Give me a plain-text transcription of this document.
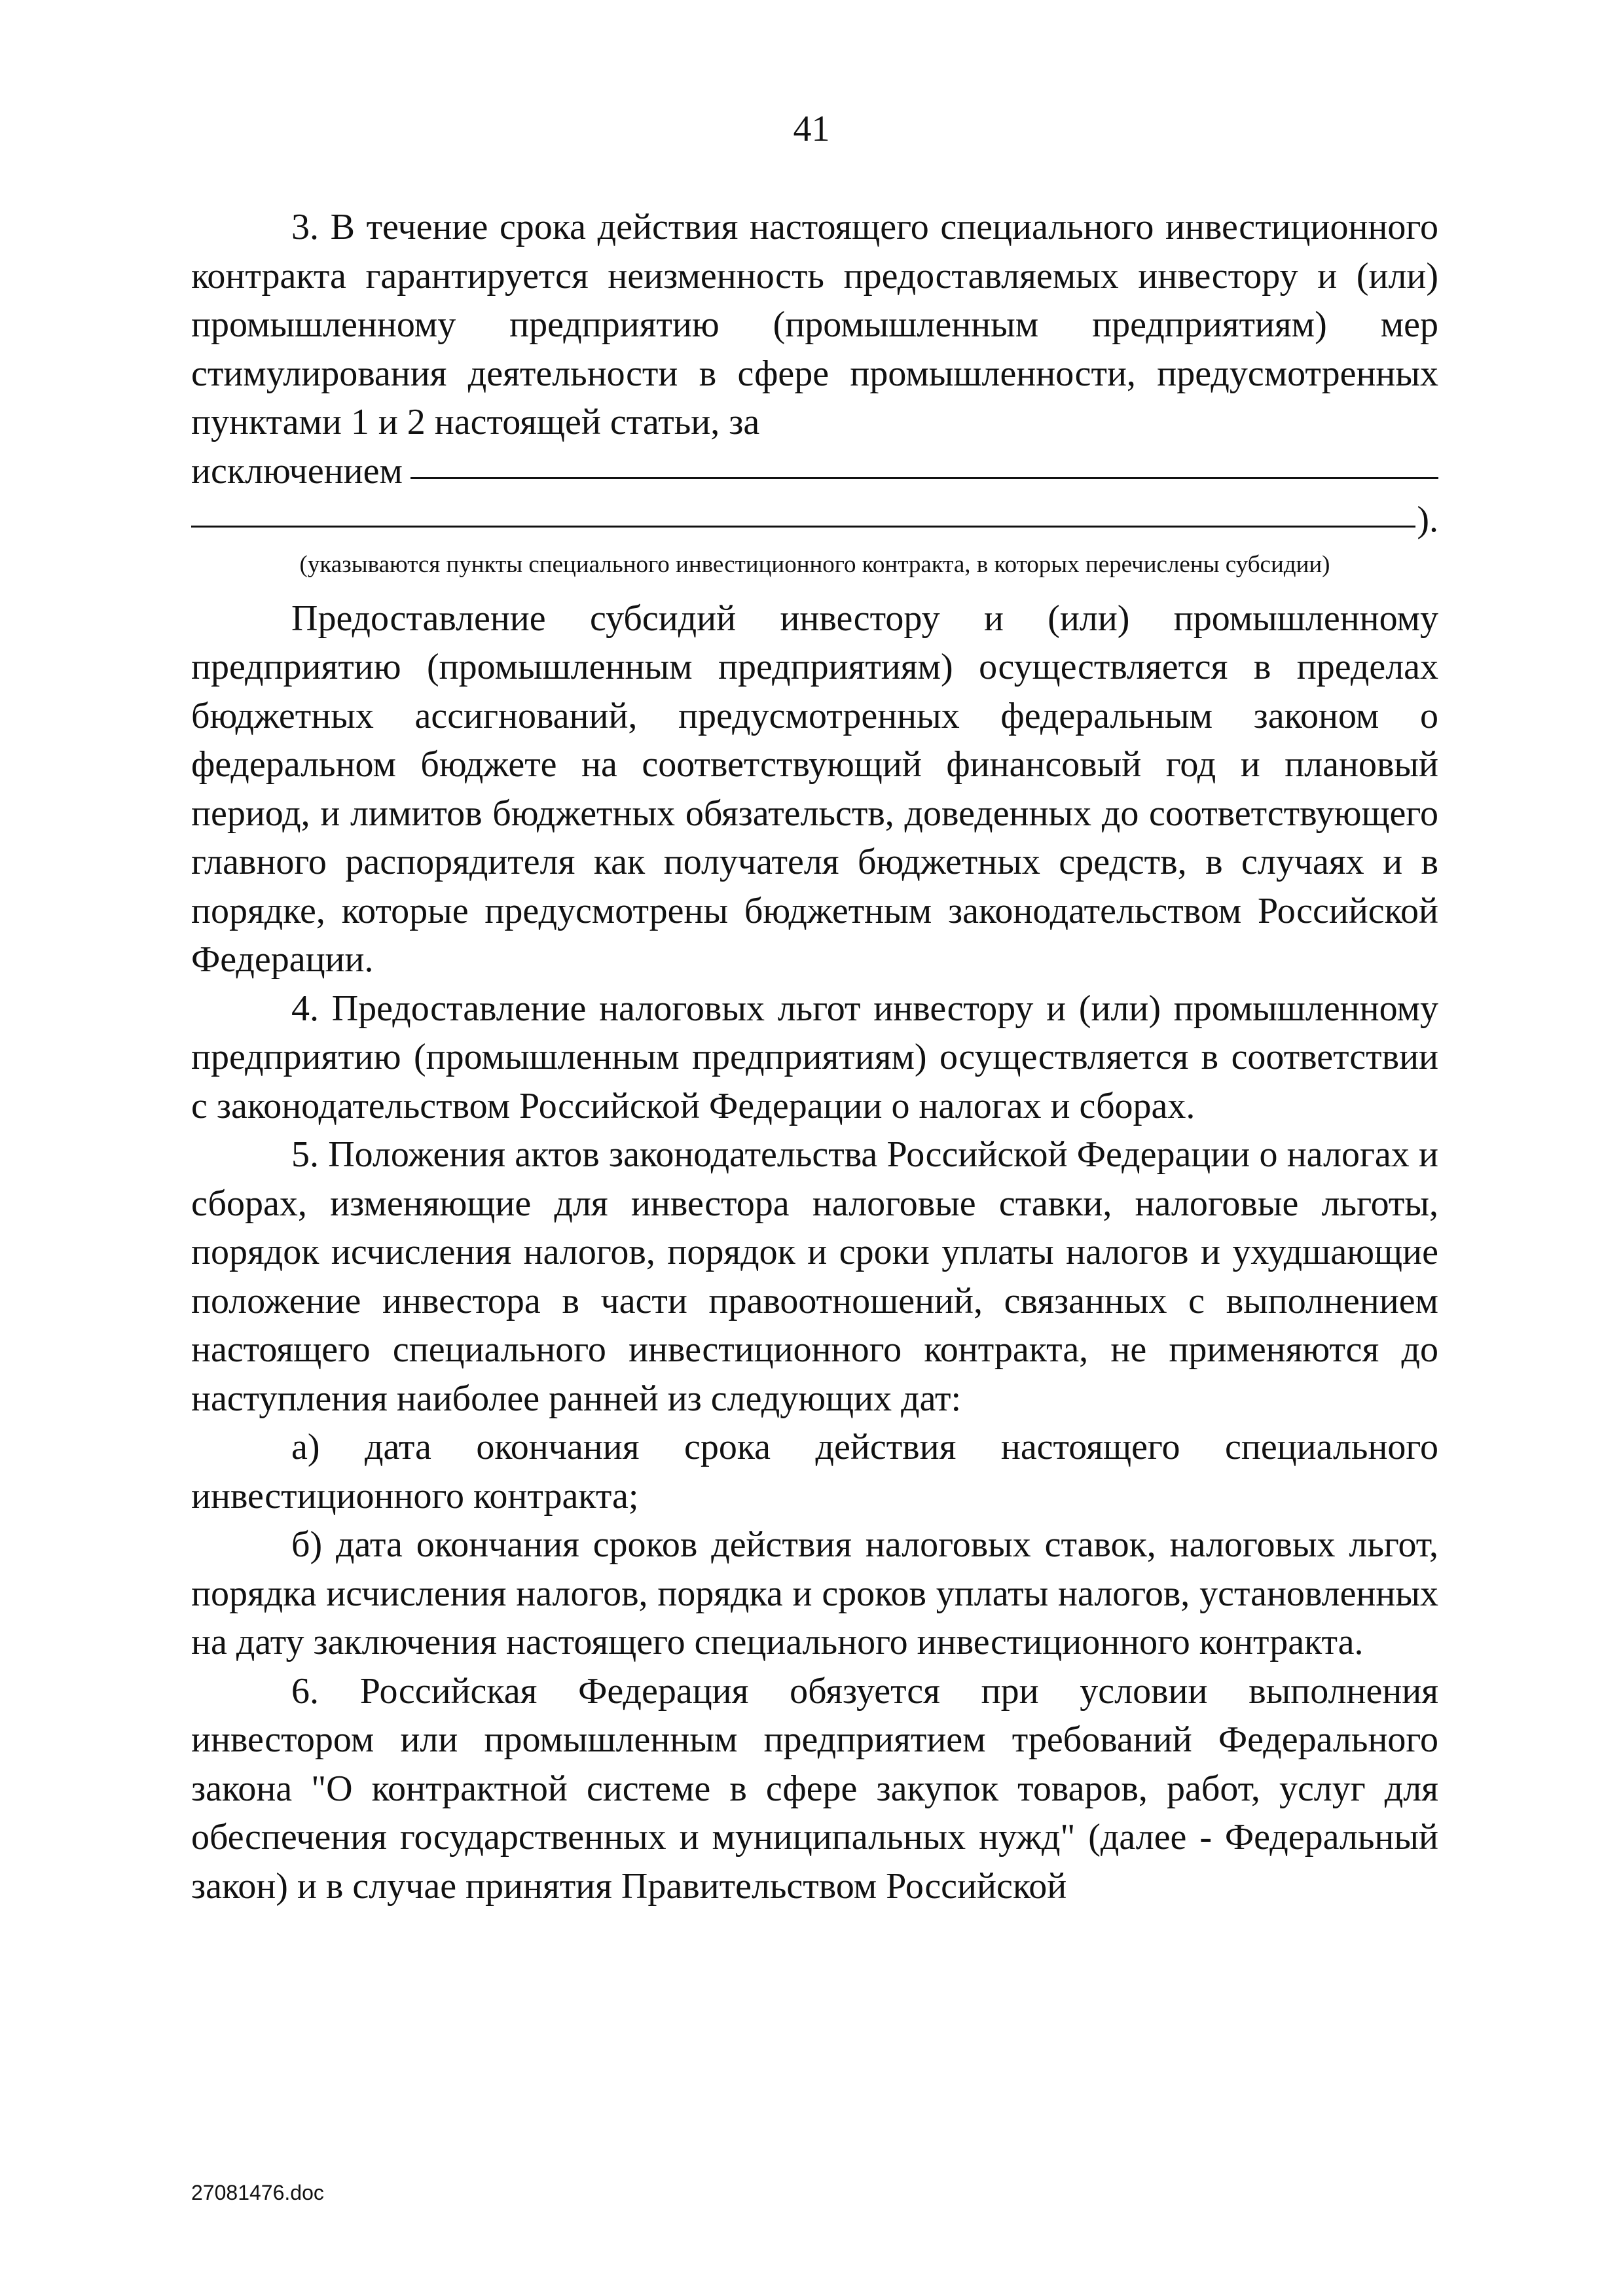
41

3. В течение срока действия настоящего специального инвестиционного контракта гарантируется неизменность предоставляемых инвестору и (или) промышленному предприятию (промышленным предприятиям) мер стимулирования деятельности в сфере промышленности, предусмотренных пунктами 1 и 2 настоящей статьи, за

исключением
).

(указываются пункты специального инвестиционного контракта, в которых перечислены субсидии)

Предоставление субсидий инвестору и (или) промышленному предприятию (промышленным предприятиям) осуществляется в пределах бюджетных ассигнований, предусмотренных федеральным законом о федеральном бюджете на соответствующий финансовый год и плановый период, и лимитов бюджетных обязательств, доведенных до соответствующего главного распорядителя как получателя бюджетных средств, в случаях и в порядке, которые предусмотрены бюджетным законодательством Российской Федерации.

4. Предоставление налоговых льгот инвестору и (или) промышленному предприятию (промышленным предприятиям) осуществляется в соответствии с законодательством Российской Федерации о налогах и сборах.

5. Положения актов законодательства Российской Федерации о налогах и сборах, изменяющие для инвестора налоговые ставки, налоговые льготы, порядок исчисления налогов, порядок и сроки уплаты налогов и ухудшающие положение инвестора в части правоотношений, связанных с выполнением настоящего специального инвестиционного контракта, не применяются до наступления наиболее ранней из следующих дат:

а) дата окончания срока действия настоящего специального инвестиционного контракта;

б) дата окончания сроков действия налоговых ставок, налоговых льгот, порядка исчисления налогов, порядка и сроков уплаты налогов, установленных на дату заключения настоящего специального инвестиционного контракта.

6. Российская Федерация обязуется при условии выполнения инвестором или промышленным предприятием требований Федерального закона "О контрактной системе в сфере закупок товаров, работ, услуг для обеспечения государственных и муниципальных нужд" (далее - Федеральный закон) и в случае принятия Правительством Российской

27081476.doc
